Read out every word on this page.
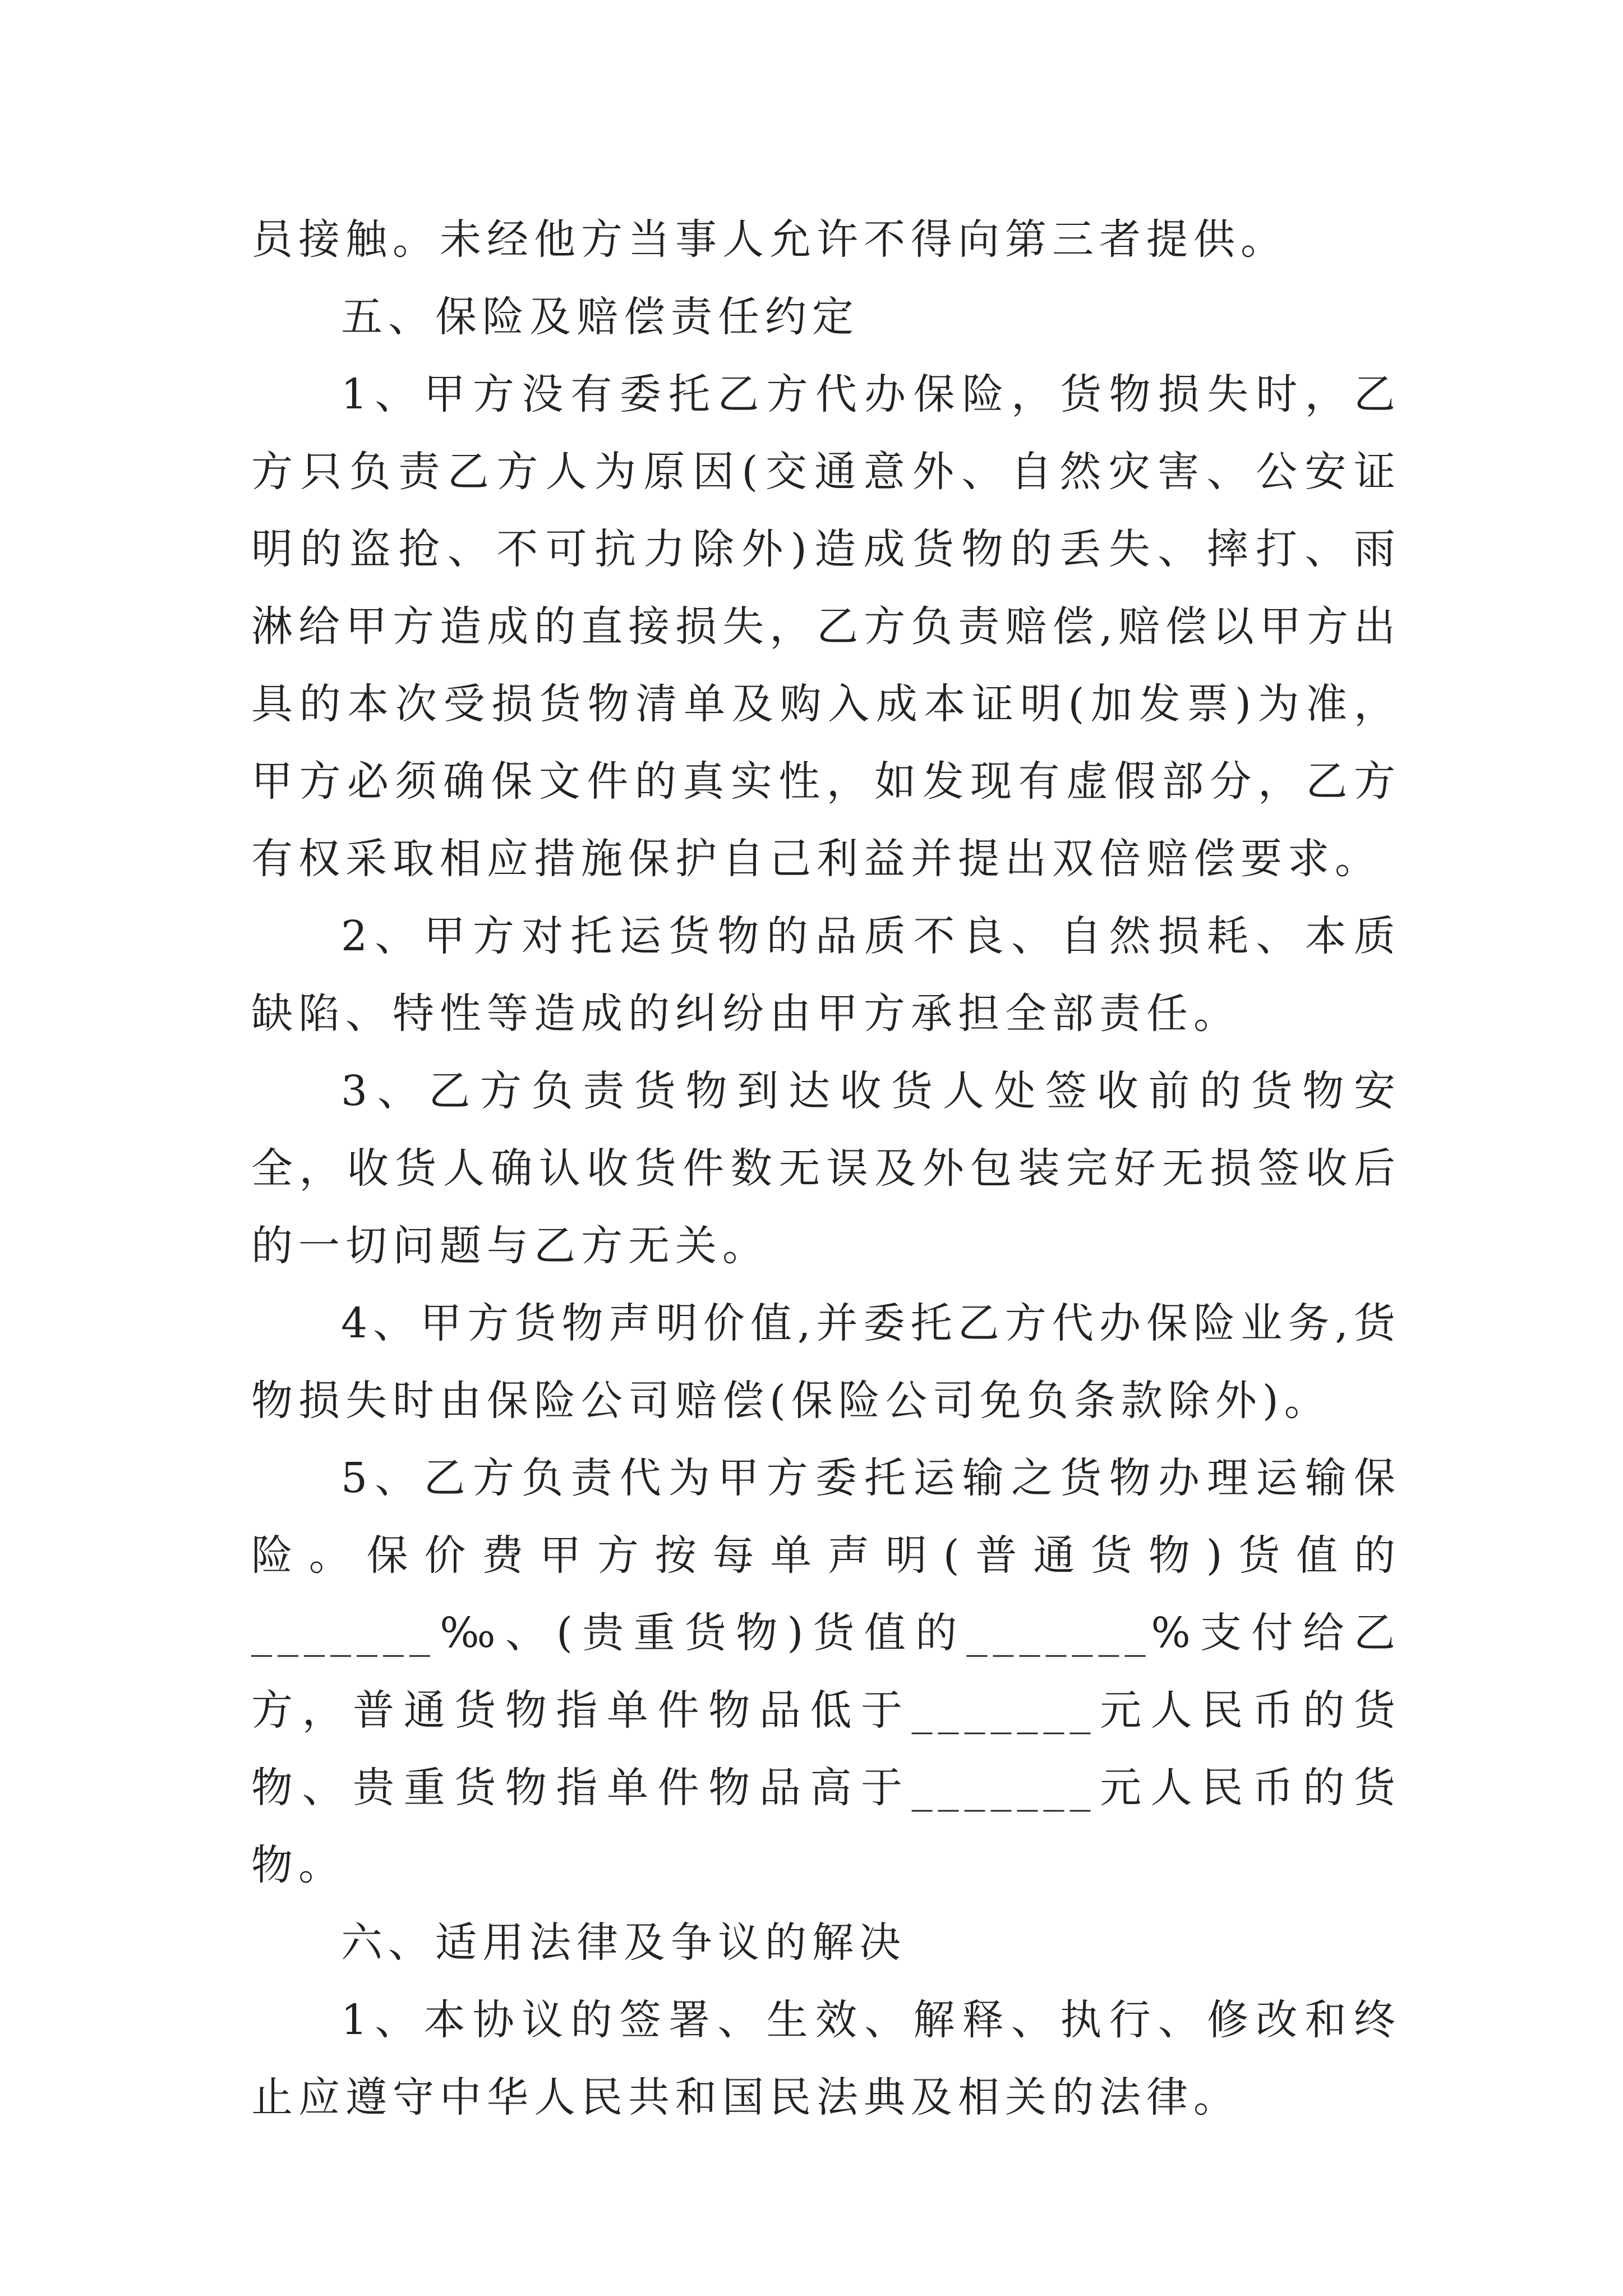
员接触。未经他方当事人允许不得向第三者提供。

五、保险及赔偿责任约定

1、甲方没有委托乙方代办保险，货物损失时，乙方只负责乙方人为原因(交通意外、自然灾害、公安证明的盗抢、不可抗力除外)造成货物的丢失、摔打、雨淋给甲方造成的直接损失，乙方负责赔偿,赔偿以甲方出具的本次受损货物清单及购入成本证明(加发票)为准，甲方必须确保文件的真实性，如发现有虚假部分，乙方有权采取相应措施保护自己利益并提出双倍赔偿要求。

2、甲方对托运货物的品质不良、自然损耗、本质缺陷、特性等造成的纠纷由甲方承担全部责任。

3、乙方负责货物到达收货人处签收前的货物安全，收货人确认收货件数无误及外包装完好无损签收后的一切问题与乙方无关。

4、甲方货物声明价值,并委托乙方代办保险业务,货物损失时由保险公司赔偿(保险公司免负条款除外)。

5、乙方负责代为甲方委托运输之货物办理运输保险。保价费甲方按每单声明(普通货物)货值的_______‰、(贵重货物)货值的_______%支付给乙方，普通货物指单件物品低于_______元人民币的货物、贵重货物指单件物品高于_______元人民币的货物。

六、适用法律及争议的解决

1、本协议的签署、生效、解释、执行、修改和终止应遵守中华人民共和国民法典及相关的法律。
